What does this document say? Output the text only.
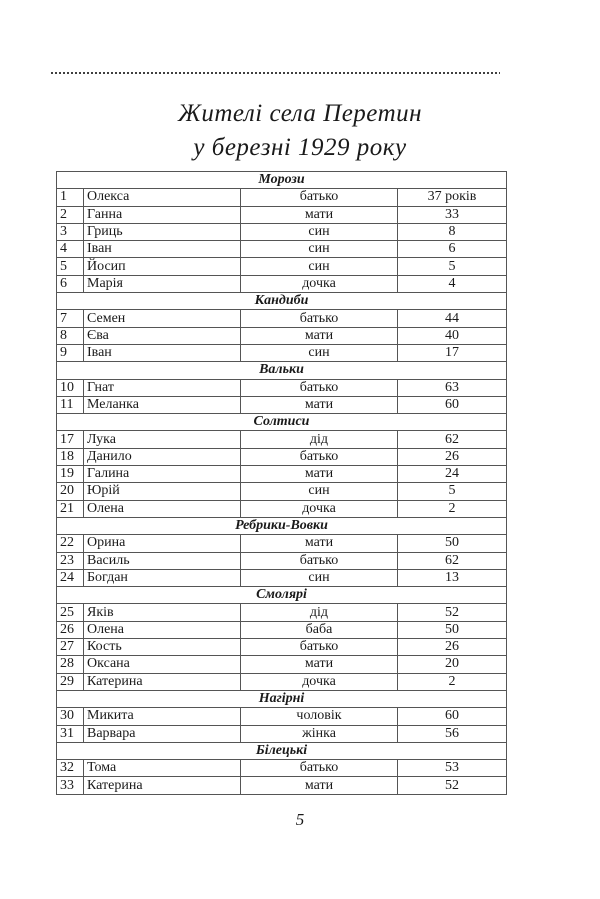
Жителі села Перетин
у березні 1929 року
Морози			
1	Олекса	батько	37 років
2	Ганна	мати	33
3	Гриць	син	8
4	Іван	син	6
5	Йосип	син	5
6	Марія	дочка	4
Кандиби			
7	Семен	батько	44
8	Єва	мати	40
9	Іван	син	17
Вальки			
10	Гнат	батько	63
11	Меланка	мати	60
Солтиси			
17	Лука	дід	62
18	Данило	батько	26
19	Галина	мати	24
20	Юрій	син	5
21	Олена	дочка	2
Ребрики-Вовки			
22	Орина	мати	50
23	Василь	батько	62
24	Богдан	син	13
Смолярі			
25	Яків	дід	52
26	Олена	баба	50
27	Кость	батько	26
28	Оксана	мати	20
29	Катерина	дочка	2
Нагірні			
30	Микита	чоловік	60
31	Варвара	жінка	56
Білецькі			
32	Тома	батько	53
33	Катерина	мати	52
5
